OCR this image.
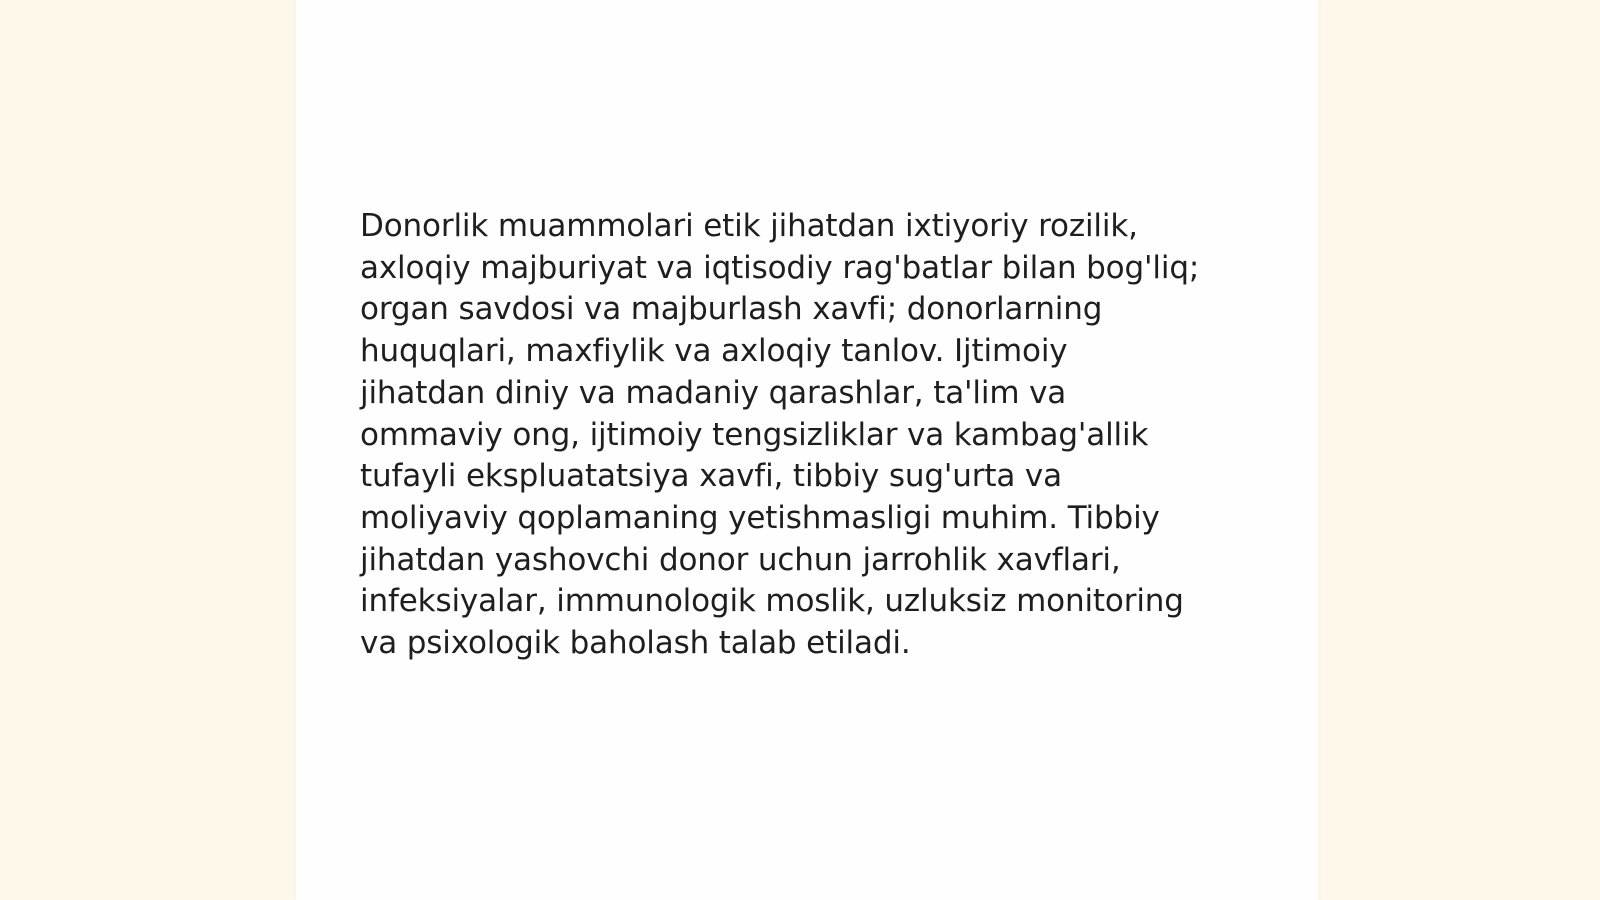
Donorlik muammolari etik jihatdan ixtiyoriy rozilik,
axloqiy majburiyat va iqtisodiy rag'batlar bilan bog'liq;
organ savdosi va majburlash xavfi; donorlarning
huquqlari, maxfiylik va axloqiy tanlov. Ijtimoiy
jihatdan diniy va madaniy qarashlar, ta'lim va
ommaviy ong, ijtimoiy tengsizliklar va kambag'allik
tufayli ekspluatatsiya xavfi, tibbiy sug'urta va
moliyaviy qoplamaning yetishmasligi muhim. Tibbiy
jihatdan yashovchi donor uchun jarrohlik xavflari,
infeksiyalar, immunologik moslik, uzluksiz monitoring
va psixologik baholash talab etiladi.
